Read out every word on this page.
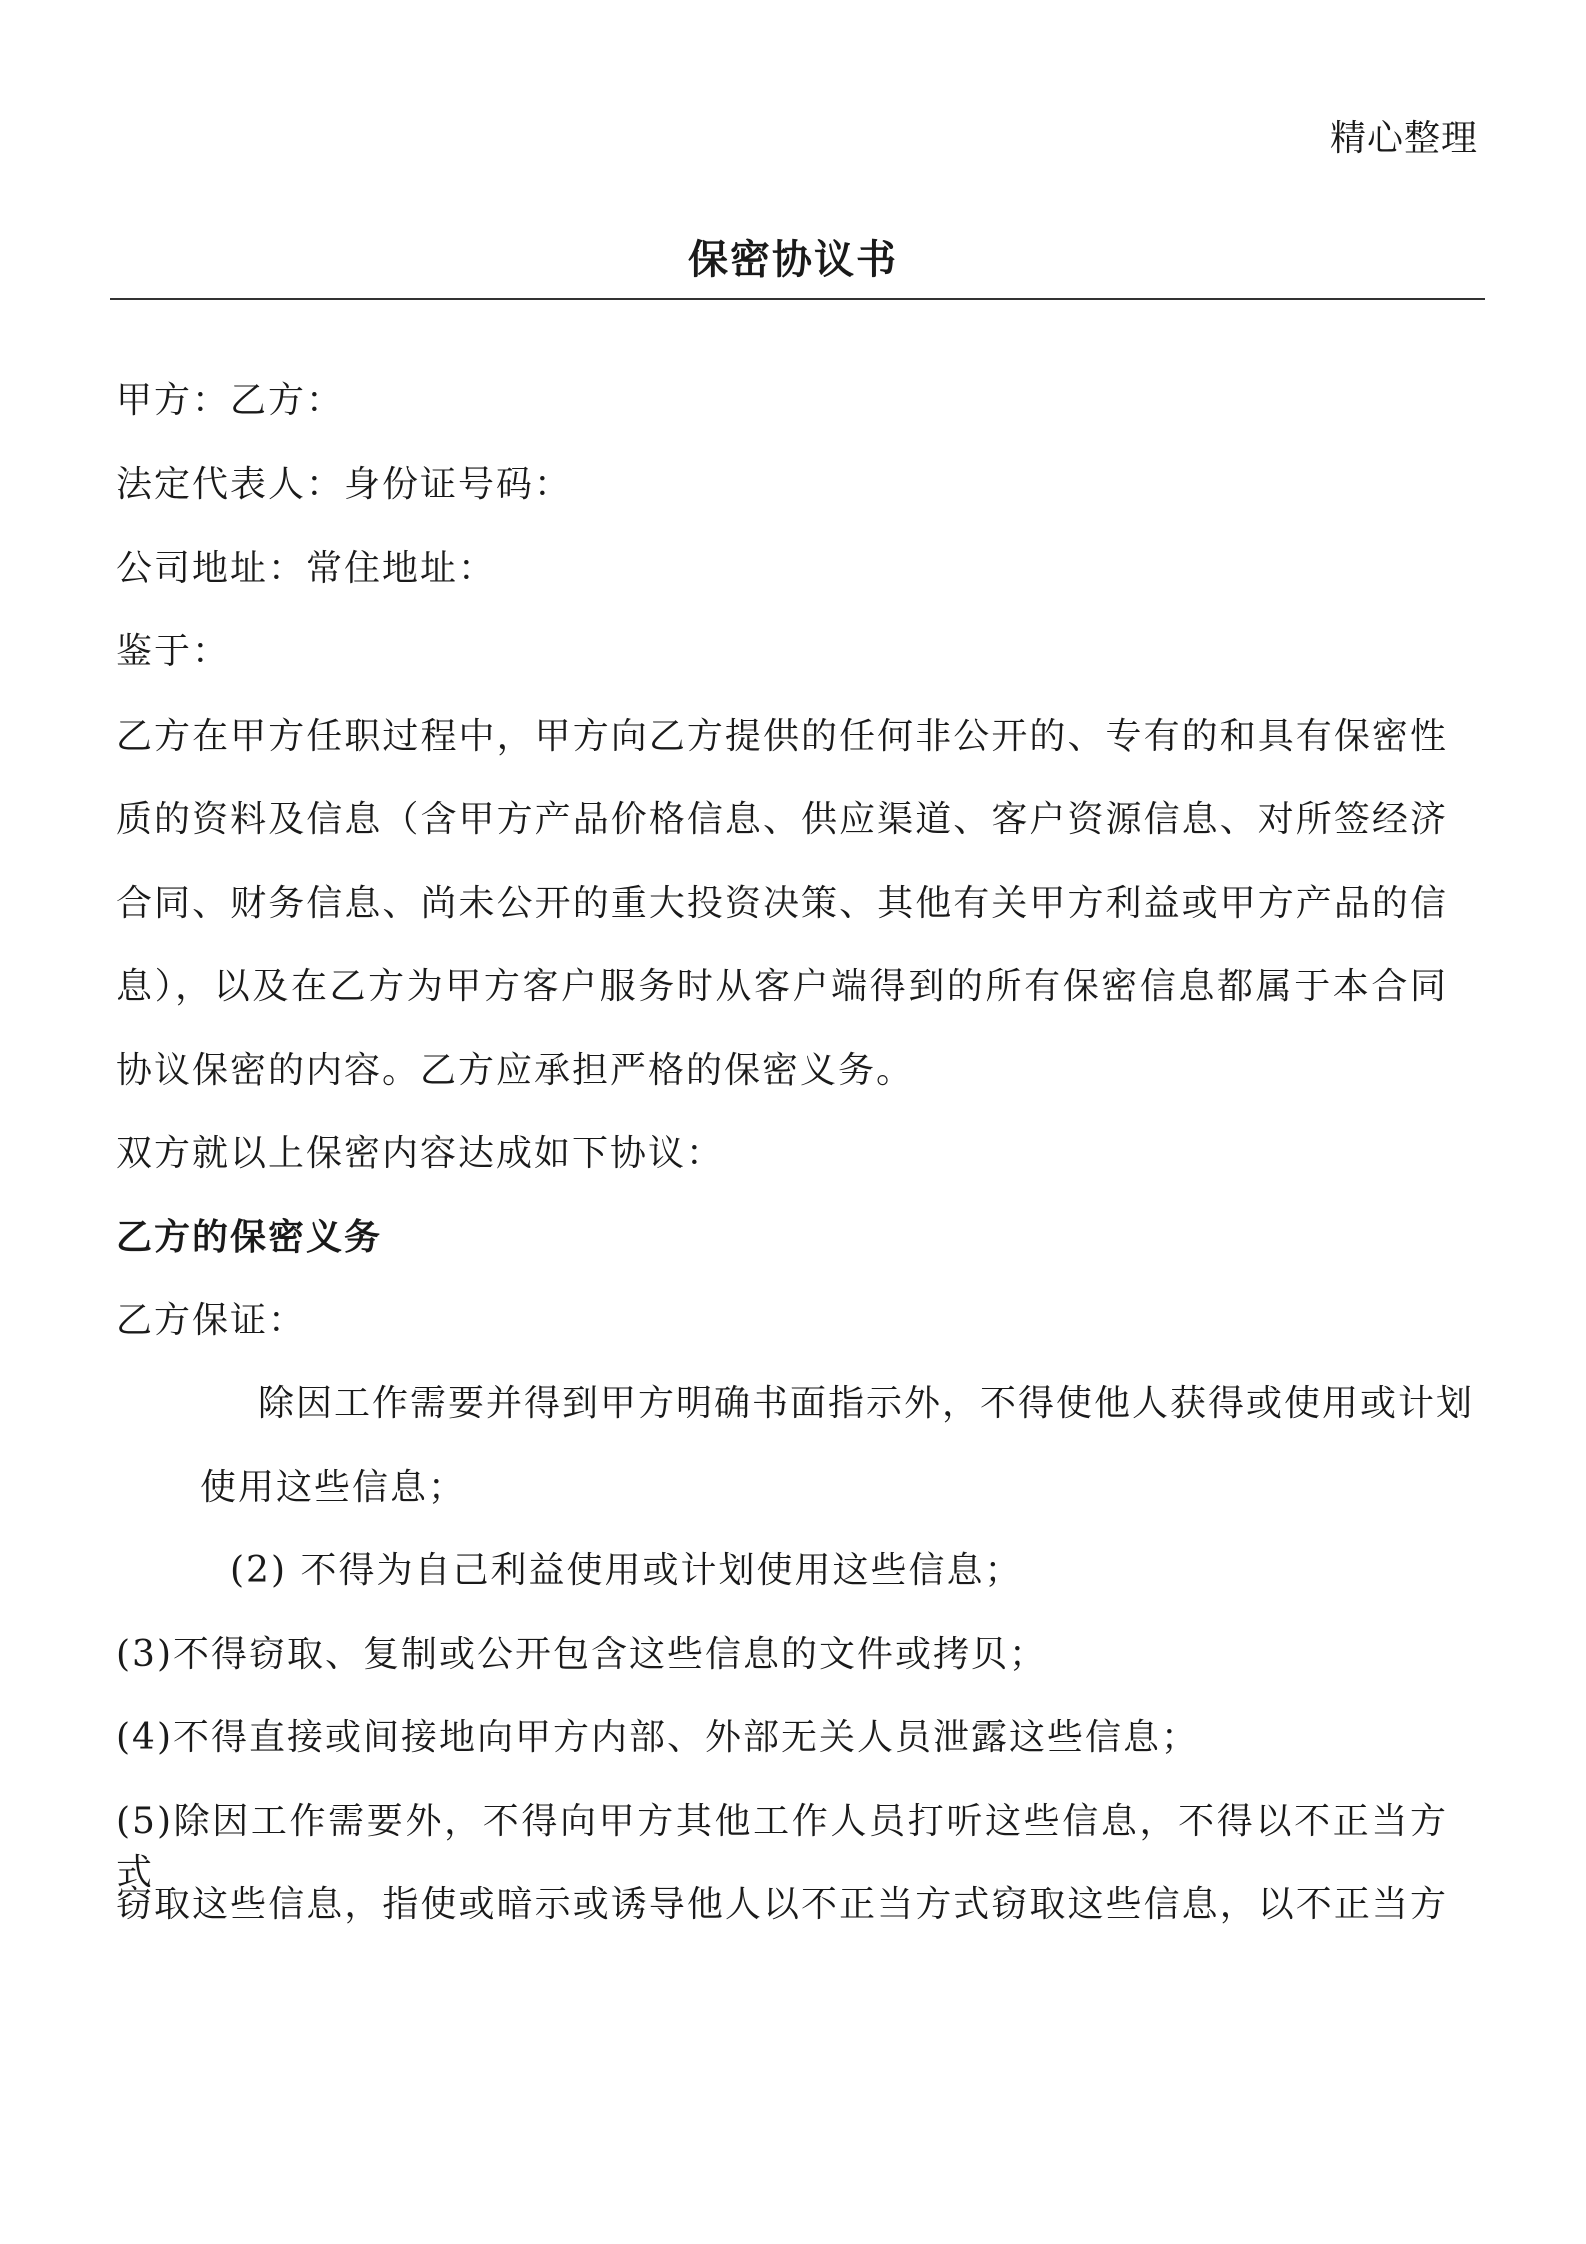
精心整理
保密协议书
甲方：乙方：
法定代表人：身份证号码：
公司地址：常住地址：
鉴于：
乙方在甲方任职过程中，甲方向乙方提供的任何非公开的、专有的和具有保密性
质的资料及信息（含甲方产品价格信息、供应渠道、客户资源信息、对所签经济
合同、财务信息、尚未公开的重大投资决策、其他有关甲方利益或甲方产品的信
息），以及在乙方为甲方客户服务时从客户端得到的所有保密信息都属于本合同
协议保密的内容。乙方应承担严格的保密义务。
双方就以上保密内容达成如下协议：
乙方的保密义务
乙方保证：
除因工作需要并得到甲方明确书面指示外，不得使他人获得或使用或计划
使用这些信息；
(2) 不得为自己利益使用或计划使用这些信息；
(3)不得窃取、复制或公开包含这些信息的文件或拷贝；
(4)不得直接或间接地向甲方内部、外部无关人员泄露这些信息；
(5)除因工作需要外，不得向甲方其他工作人员打听这些信息，不得以不正当方式
窃取这些信息，指使或暗示或诱导他人以不正当方式窃取这些信息，以不正当方
